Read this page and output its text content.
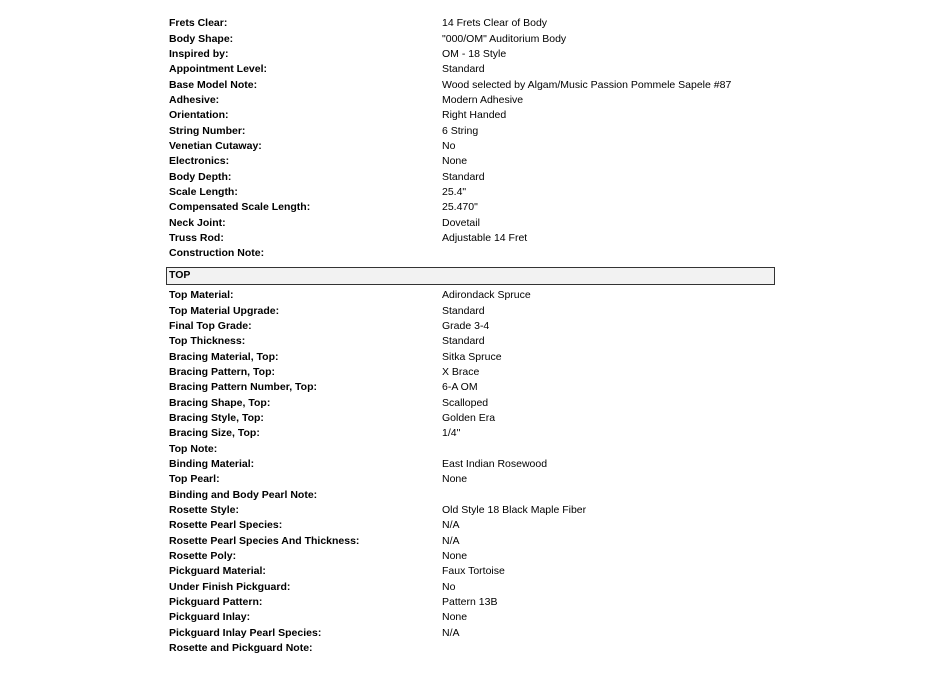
Frets Clear:	14 Frets Clear of Body
Body Shape:	"000/OM" Auditorium Body
Inspired by:	OM - 18 Style
Appointment Level:	Standard
Base Model Note:	Wood selected by Algam/Music Passion Pommele Sapele #87
Adhesive:	Modern Adhesive
Orientation:	Right Handed
String Number:	6 String
Venetian Cutaway:	No
Electronics:	None
Body Depth:	Standard
Scale Length:	25.4"
Compensated Scale Length:	25.470"
Neck Joint:	Dovetail
Truss Rod:	Adjustable 14 Fret
Construction Note:
TOP
Top Material:	Adirondack Spruce
Top Material Upgrade:	Standard
Final Top Grade:	Grade 3-4
Top Thickness:	Standard
Bracing Material, Top:	Sitka Spruce
Bracing Pattern, Top:	X Brace
Bracing Pattern Number, Top:	6-A OM
Bracing Shape, Top:	Scalloped
Bracing Style, Top:	Golden Era
Bracing Size, Top:	1/4"
Top Note:
Binding Material:	East Indian Rosewood
Top Pearl:	None
Binding and Body Pearl Note:
Rosette Style:	Old Style 18 Black Maple Fiber
Rosette Pearl Species:	N/A
Rosette Pearl Species And Thickness:	N/A
Rosette Poly:	None
Pickguard Material:	Faux Tortoise
Under Finish Pickguard:	No
Pickguard Pattern:	Pattern 13B
Pickguard Inlay:	None
Pickguard Inlay Pearl Species:	N/A
Rosette and Pickguard Note:
